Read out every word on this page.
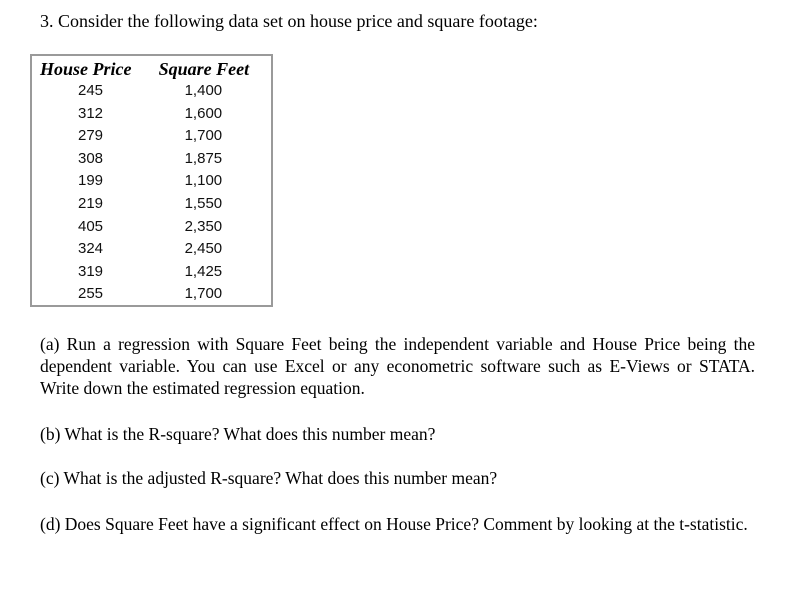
3. Consider the following data set on house price and square footage:
House Price	Square Feet
245	1,400
312	1,600
279	1,700
308	1,875
199	1,100
219	1,550
405	2,350
324	2,450
319	1,425
255	1,700
(a) Run a regression with Square Feet being the independent variable and House Price being the dependent variable. You can use Excel or any econometric software such as E-Views or STATA. Write down the estimated regression equation.
(b) What is the R-square? What does this number mean?
(c) What is the adjusted R-square? What does this number mean?
(d) Does Square Feet have a significant effect on House Price? Comment by looking at the t-statistic.
